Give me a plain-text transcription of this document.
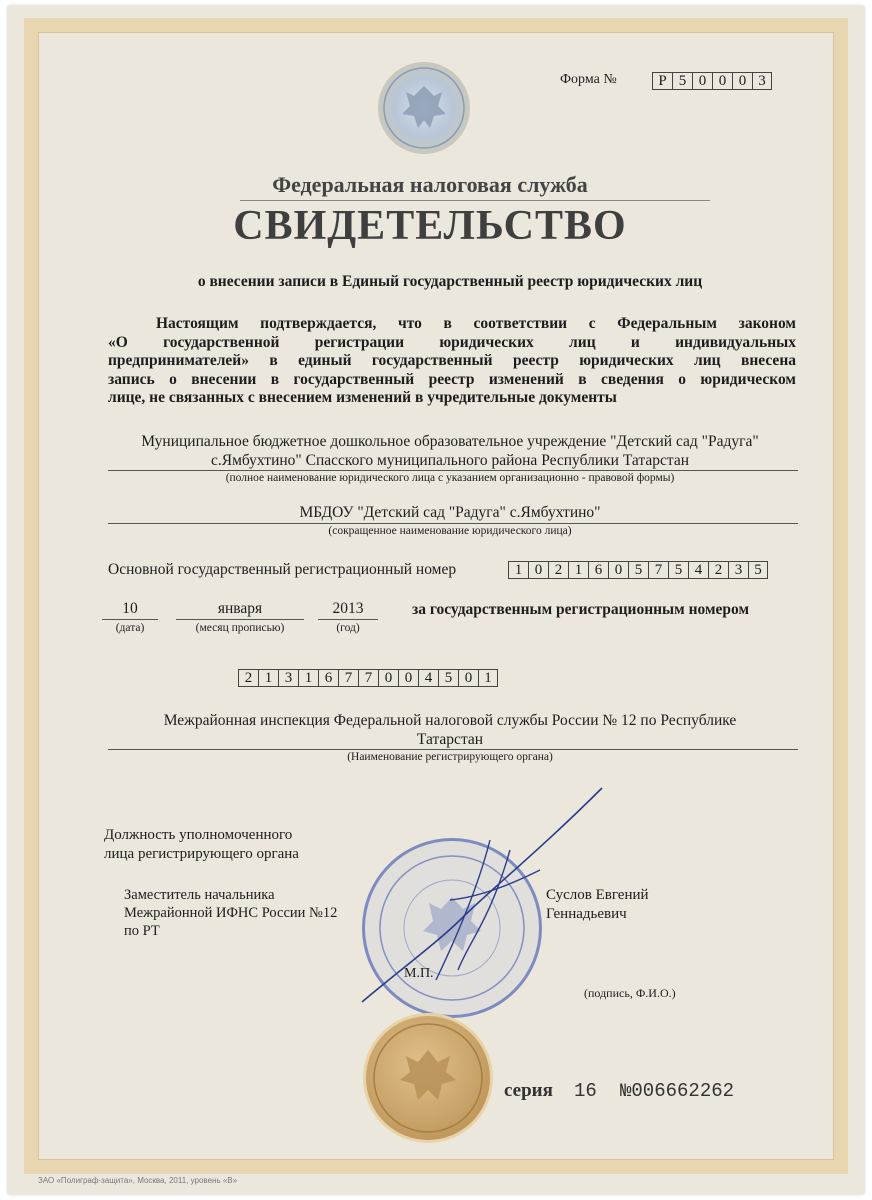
Форма №	Р 5 0 0 0 3
Федеральная налоговая служба
СВИДЕТЕЛЬСТВО
о внесении записи в Единый государственный реестр юридических лиц
Настоящим подтверждается, что в соответствии с Федеральным законом
«О государственной регистрации юридических лиц и индивидуальных
предпринимателей» в единый государственный реестр юридических лиц внесена
запись о внесении в государственный реестр изменений в сведения о юридическом
лице, не связанных с внесением изменений в учредительные документы
Муниципальное бюджетное дошкольное образовательное учреждение "Детский сад "Радуга"
с.Ямбухтино" Спасского муниципального района Республики Татарстан
(полное наименование юридического лица с указанием организационно - правовой формы)
МБДОУ "Детский сад "Радуга" с.Ямбухтино"
(сокращенное наименование юридического лица)
Основной государственный регистрационный номер	1 0 2 1 6 0 5 7 5 4 2 3 5
10
(дата)
января
(месяц прописью)
2013
(год)
за государственным регистрационным номером
2 1 3 1 6 7 7 0 0 4 5 0 1
Межрайонная инспекция Федеральной налоговой службы России № 12 по Республике
Татарстан
(Наименование регистрирующего органа)
Должность уполномоченного
лица регистрирующего органа
Заместитель начальника
Межрайонной ИФНС России №12
по РТ
Суслов Евгений
Геннадьевич
М.П.
(подпись, Ф.И.О.)
серия 16 №006662262
ЗАО «Полиграф-защита», Москва, 2011, уровень «В»
